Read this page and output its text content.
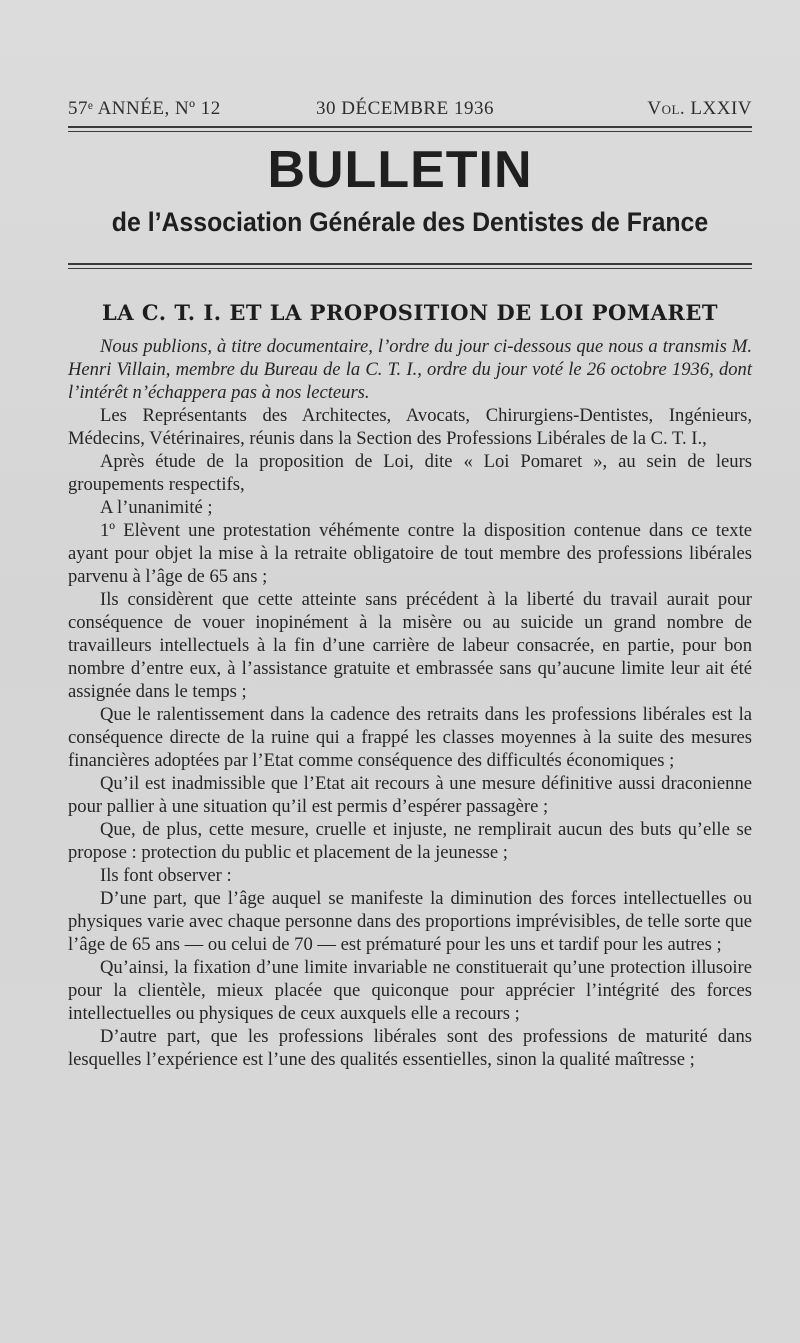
57ᵉ ANNÉE, Nº 12	30 DÉCEMBRE 1936	Vol. LXXIV
BULLETIN
de l’Association Générale des Dentistes de France
LA C. T. I. ET LA PROPOSITION DE LOI POMARET

Nous publions, à titre documentaire, l’ordre du jour ci-dessous que nous a transmis M. Henri Villain, membre du Bureau de la C. T. I., ordre du jour voté le 26 octobre 1936, dont l’intérêt n’échappera pas à nos lecteurs.

Les Représentants des Architectes, Avocats, Chirurgiens-Dentistes, Ingénieurs, Médecins, Vétérinaires, réunis dans la Section des Professions Libérales de la C. T. I.,

Après étude de la proposition de Loi, dite « Loi Pomaret », au sein de leurs groupements respectifs,

A l’unanimité ;

1º Elèvent une protestation véhémente contre la disposition contenue dans ce texte ayant pour objet la mise à la retraite obligatoire de tout membre des professions libérales parvenu à l’âge de 65 ans ;

Ils considèrent que cette atteinte sans précédent à la liberté du travail aurait pour conséquence de vouer inopinément à la misère ou au suicide un grand nombre de travailleurs intellectuels à la fin d’une carrière de labeur consacrée, en partie, pour bon nombre d’entre eux, à l’assistance gratuite et embrassée sans qu’aucune limite leur ait été assignée dans le temps ;

Que le ralentissement dans la cadence des retraits dans les professions libérales est la conséquence directe de la ruine qui a frappé les classes moyennes à la suite des mesures financières adoptées par l’Etat comme conséquence des difficultés économiques ;

Qu’il est inadmissible que l’Etat ait recours à une mesure définitive aussi draconienne pour pallier à une situation qu’il est permis d’espérer passagère ;

Que, de plus, cette mesure, cruelle et injuste, ne remplirait aucun des buts qu’elle se propose : protection du public et placement de la jeunesse ;

Ils font observer :

D’une part, que l’âge auquel se manifeste la diminution des forces intellectuelles ou physiques varie avec chaque personne dans des proportions imprévisibles, de telle sorte que l’âge de 65 ans — ou celui de 70 — est prématuré pour les uns et tardif pour les autres ;

Qu’ainsi, la fixation d’une limite invariable ne constituerait qu’une protection illusoire pour la clientèle, mieux placée que quiconque pour apprécier l’intégrité des forces intellectuelles ou physiques de ceux auxquels elle a recours ;

D’autre part, que les professions libérales sont des professions de maturité dans lesquelles l’expérience est l’une des qualités essentielles, sinon la qualité maîtresse ;
